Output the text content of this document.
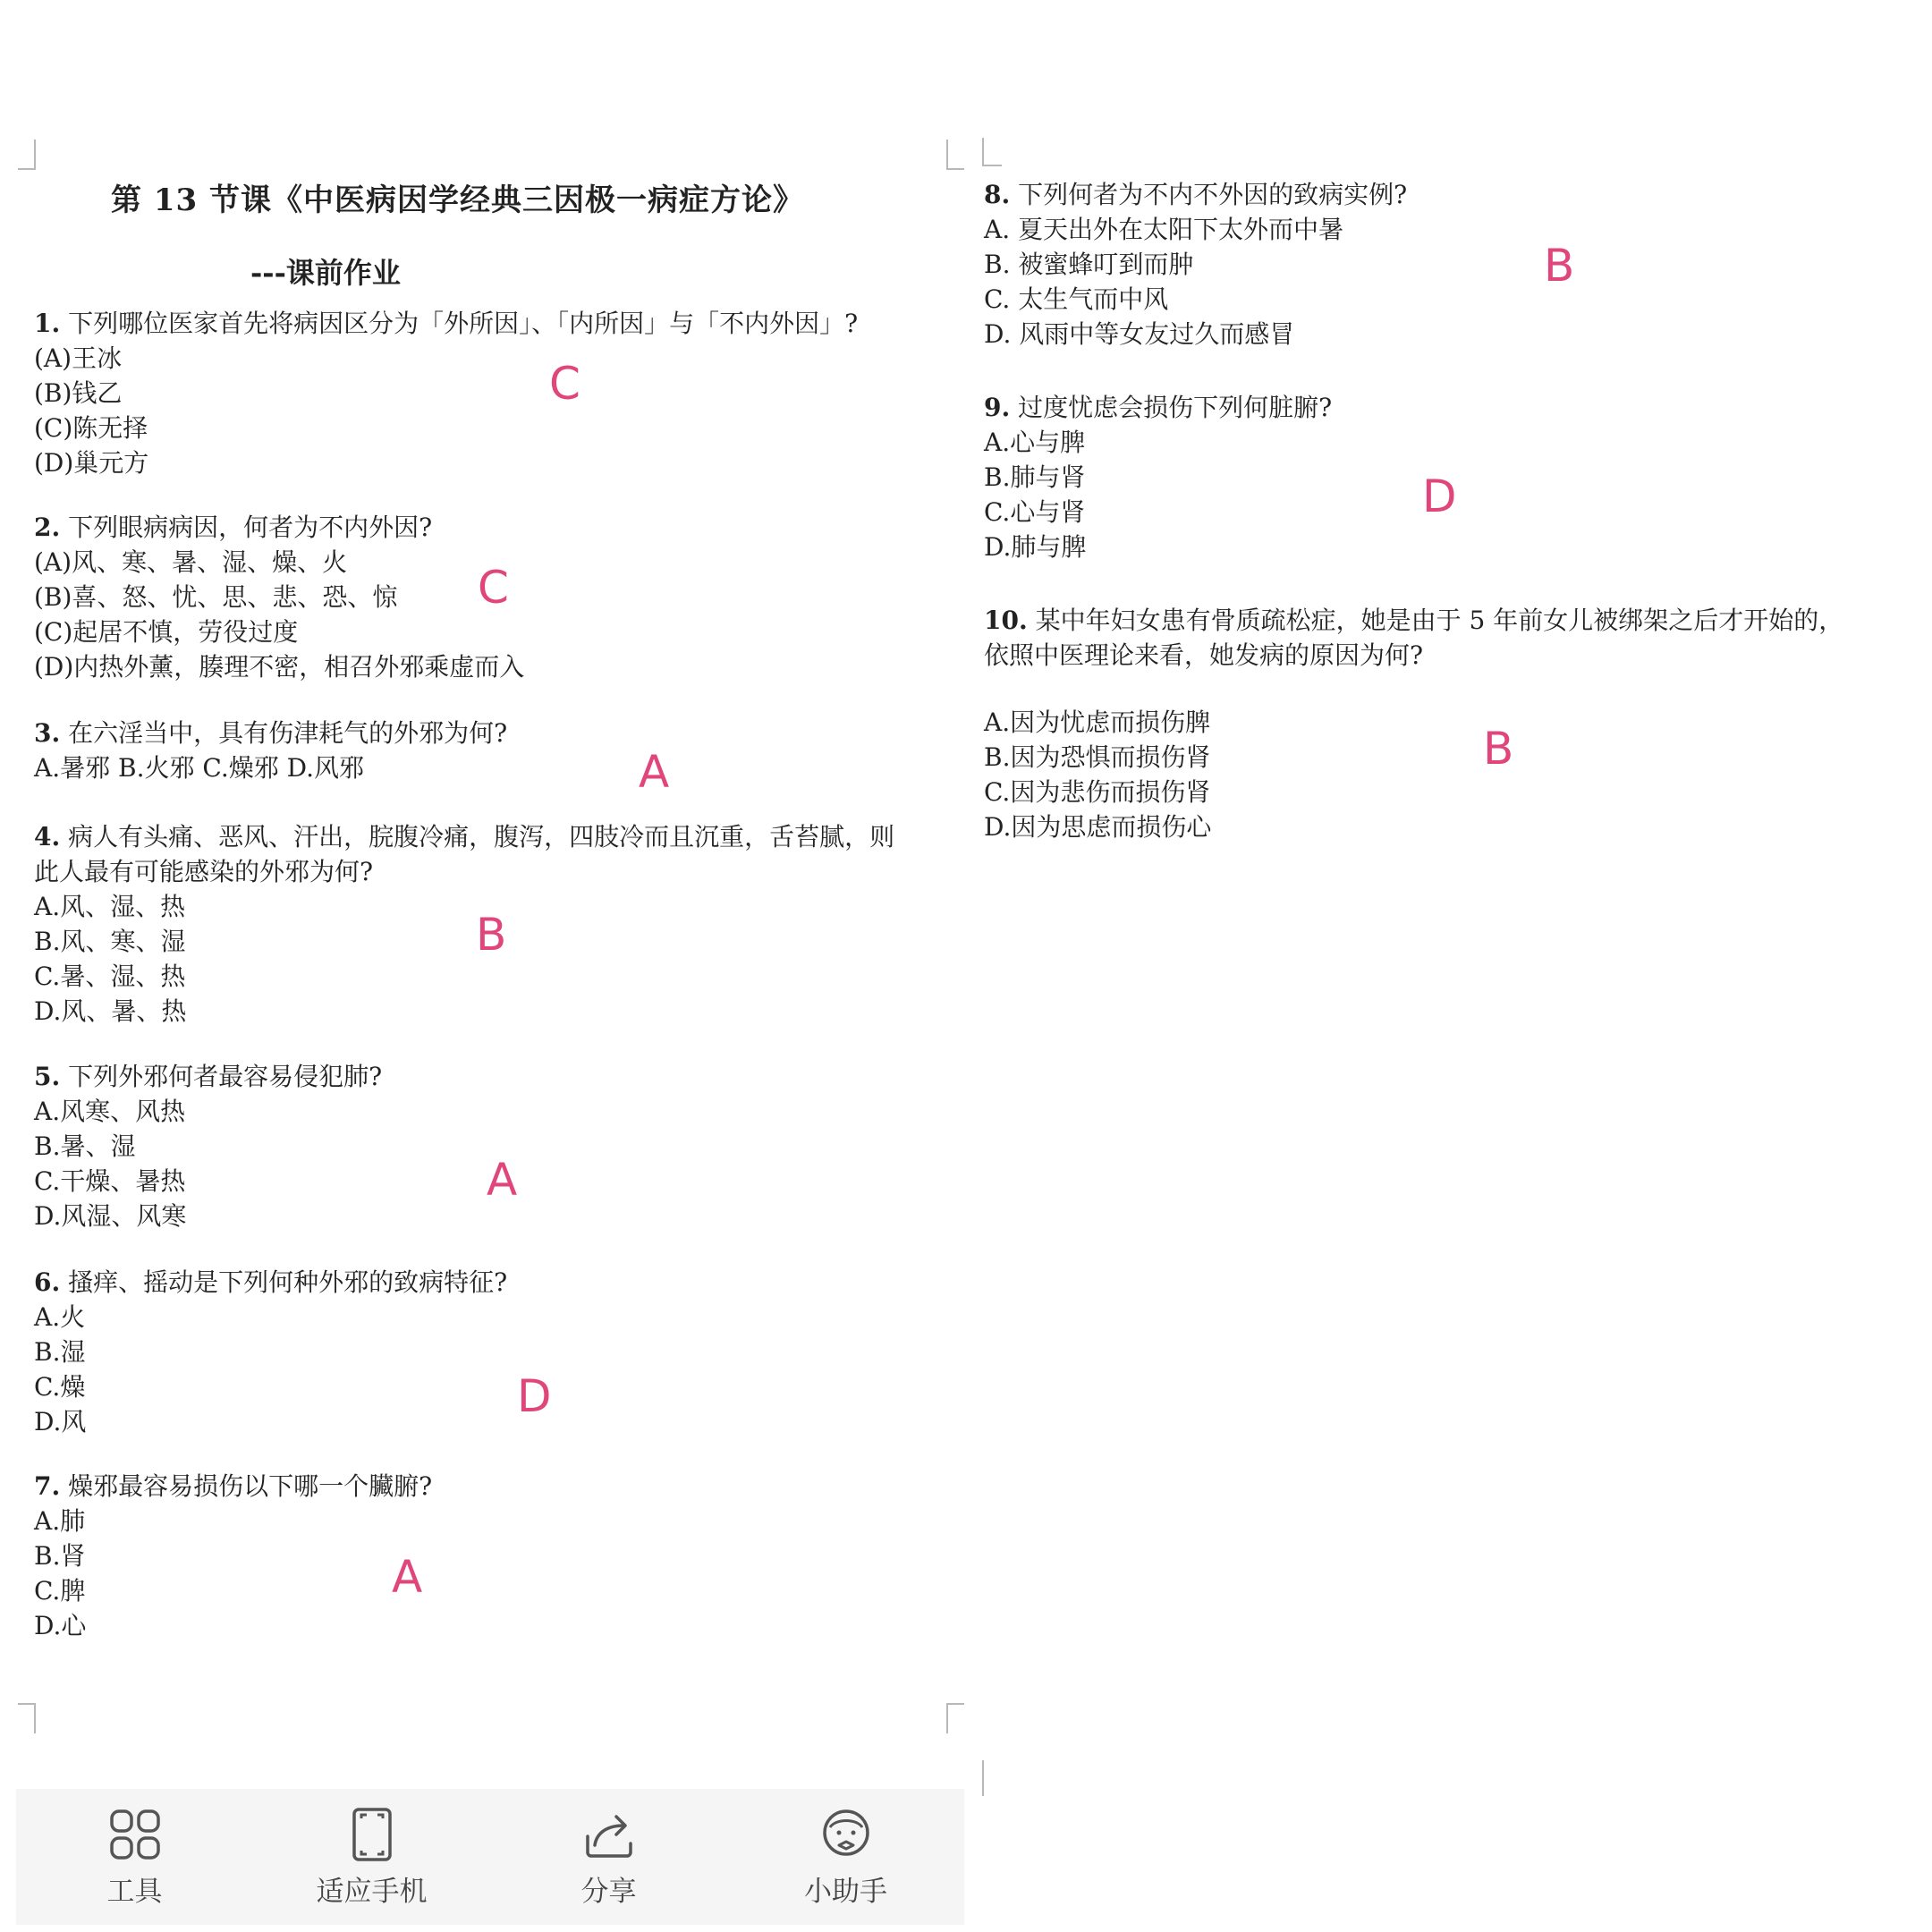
第 13 节课《中医病因学经典三因极一病症方论》
---课前作业
1. 下列哪位医家首先将病因区分为「外所因」、「内所因」与「不内外因」?
(A)王冰
(B)钱乙
(C)陈无择
(D)巢元方
C
2. 下列眼病病因，何者为不内外因?
(A)风、寒、暑、湿、燥、火
(B)喜、怒、忧、思、悲、恐、惊
(C)起居不慎，劳役过度
(D)内热外薰，腠理不密，相召外邪乘虚而入
C
3. 在六淫当中，具有伤津耗气的外邪为何?
A.暑邪 B.火邪 C.燥邪 D.风邪	A
4. 病人有头痛、恶风、汗出，脘腹冷痛，腹泻，四肢冷而且沉重，舌苔腻，则
此人最有可能感染的外邪为何?
A.风、湿、热
B.风、寒、湿
C.暑、湿、热
D.风、暑、热
B
5. 下列外邪何者最容易侵犯肺?
A.风寒、风热
B.暑、湿
C.干燥、暑热
D.风湿、风寒
A
6. 搔痒、摇动是下列何种外邪的致病特征?
A.火
B.湿
C.燥
D.风	D
7. 燥邪最容易损伤以下哪一个臟腑?
A.肺
B.肾
C.脾
D.心
A
8. 下列何者为不内不外因的致病实例?
A. 夏天出外在太阳下太外而中暑
B. 被蜜蜂叮到而肿
C. 太生气而中风
D. 风雨中等女友过久而感冒
B
9. 过度忧虑会损伤下列何脏腑?
A.心与脾
B.肺与肾
C.心与肾
D.肺与脾
D
10. 某中年妇女患有骨质疏松症，她是由于 5 年前女儿被绑架之后才开始的，
依照中医理论来看，她发病的原因为何?
A.因为忧虑而损伤脾
B.因为恐惧而损伤肾
C.因为悲伤而损伤肾
D.因为思虑而损伤心
B
工具	适应手机	分享	小助手
